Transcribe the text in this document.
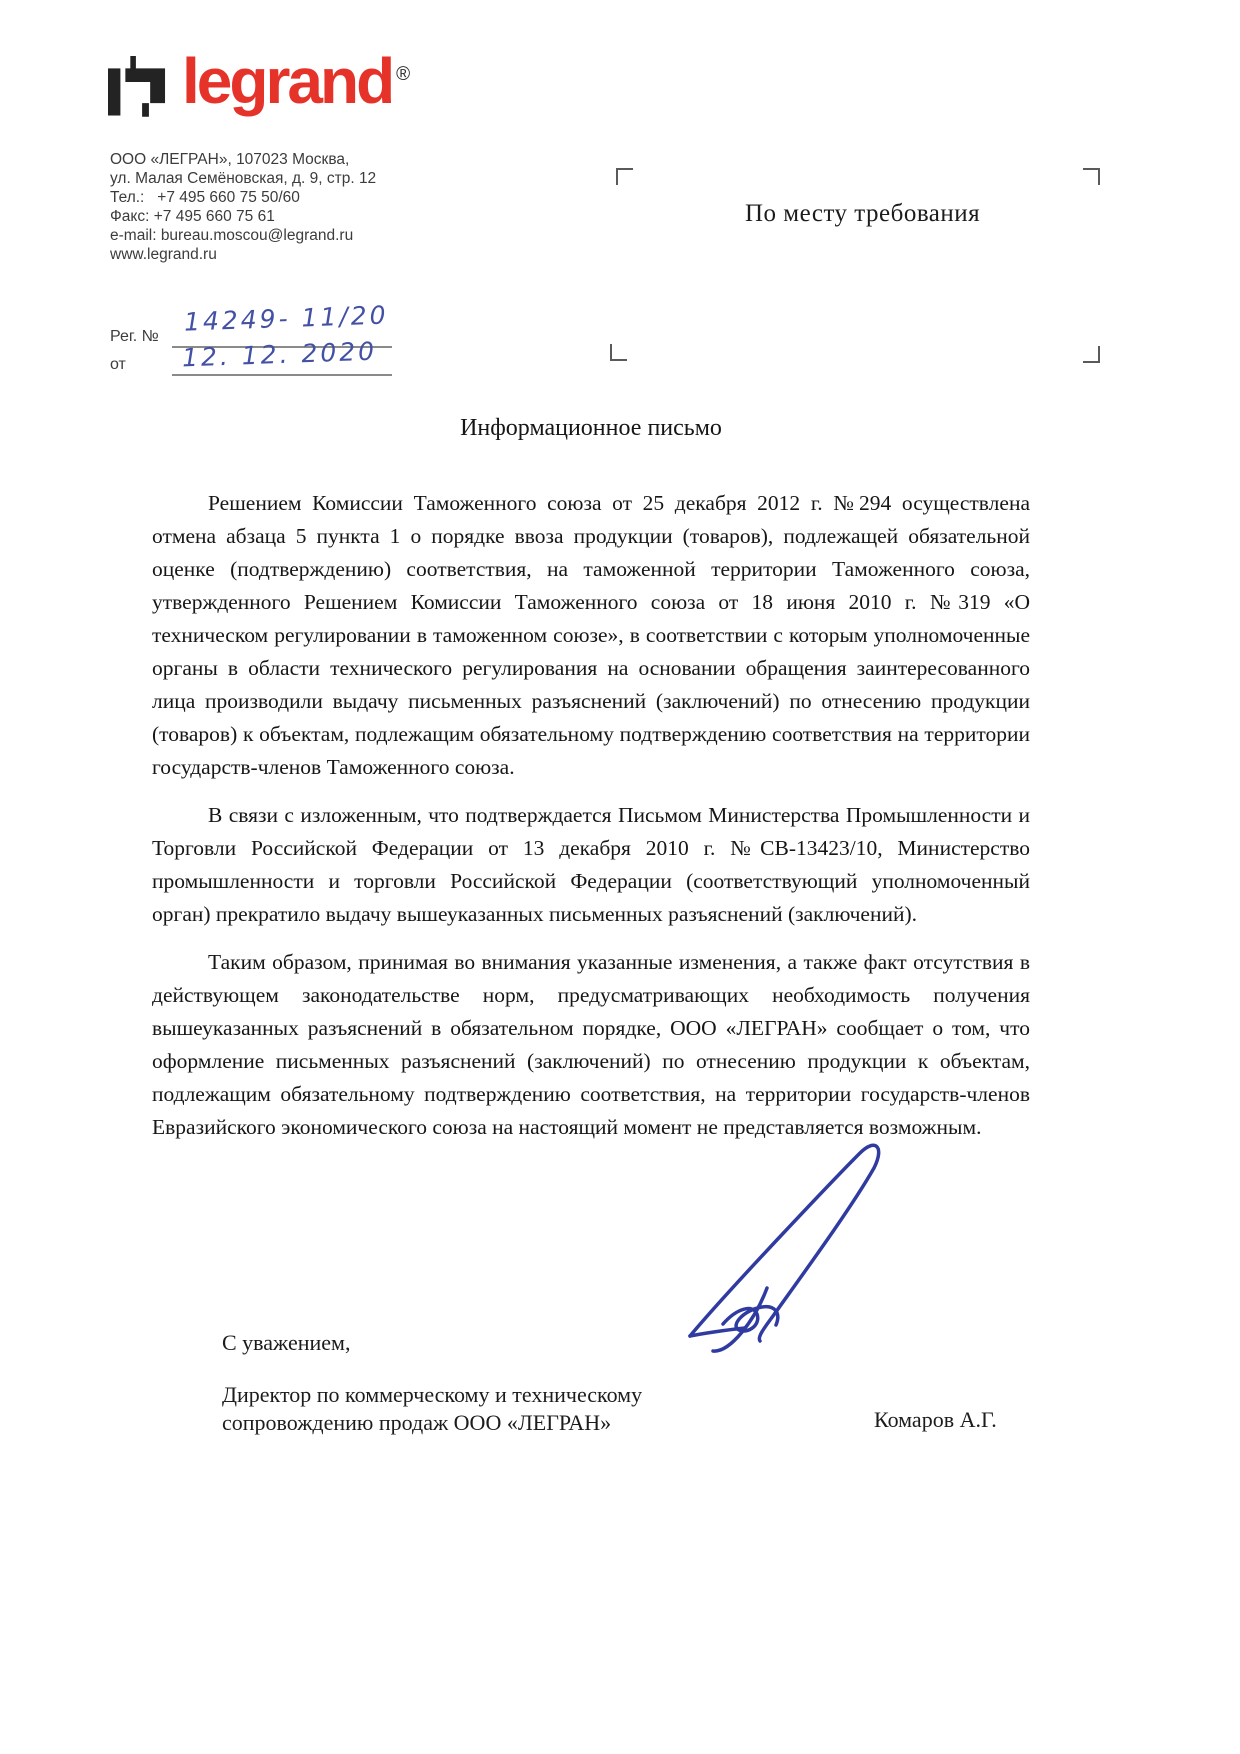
legrand ®
ООО «ЛЕГРАН», 107023 Москва,
ул. Малая Семёновская, д. 9, стр. 12
Тел.:   +7 495 660 75 50/60
Факс: +7 495 660 75 61
e-mail: bureau.moscou@legrand.ru
www.legrand.ru
По месту требования
Рег. № 14249- 11/20
от 12. 12. 2020
Информационное письмо

Решением Комиссии Таможенного союза от 25 декабря 2012 г. №294 осуществлена отмена абзаца 5 пункта 1 о порядке ввоза продукции (товаров), подлежащей обязательной оценке (подтверждению) соответствия, на таможенной территории Таможенного союза, утвержденного Решением Комиссии Таможенного союза от 18 июня 2010 г. №319 «О техническом регулировании в таможенном союзе», в соответствии с которым уполномоченные органы в области технического регулирования на основании обращения заинтересованного лица производили выдачу письменных разъяснений (заключений) по отнесению продукции (товаров) к объектам, подлежащим обязательному подтверждению соответствия на территории государств-членов Таможенного союза.

В связи с изложенным, что подтверждается Письмом Министерства Промышленности и Торговли Российской Федерации от 13 декабря 2010 г. №СВ-13423/10, Министерство промышленности и торговли Российской Федерации (соответствующий уполномоченный орган) прекратило выдачу вышеуказанных письменных разъяснений (заключений).

Таким образом, принимая во внимания указанные изменения, а также факт отсутствия в действующем законодательстве норм, предусматривающих необходимость получения вышеуказанных разъяснений в обязательном порядке, ООО «ЛЕГРАН» сообщает о том, что оформление письменных разъяснений (заключений) по отнесению продукции к объектам, подлежащим обязательному подтверждению соответствия, на территории государств-членов Евразийского экономического союза на настоящий момент не представляется возможным.

С уважением,
Директор по коммерческому и техническому
сопровождению продаж ООО «ЛЕГРАН»	Комаров А.Г.
